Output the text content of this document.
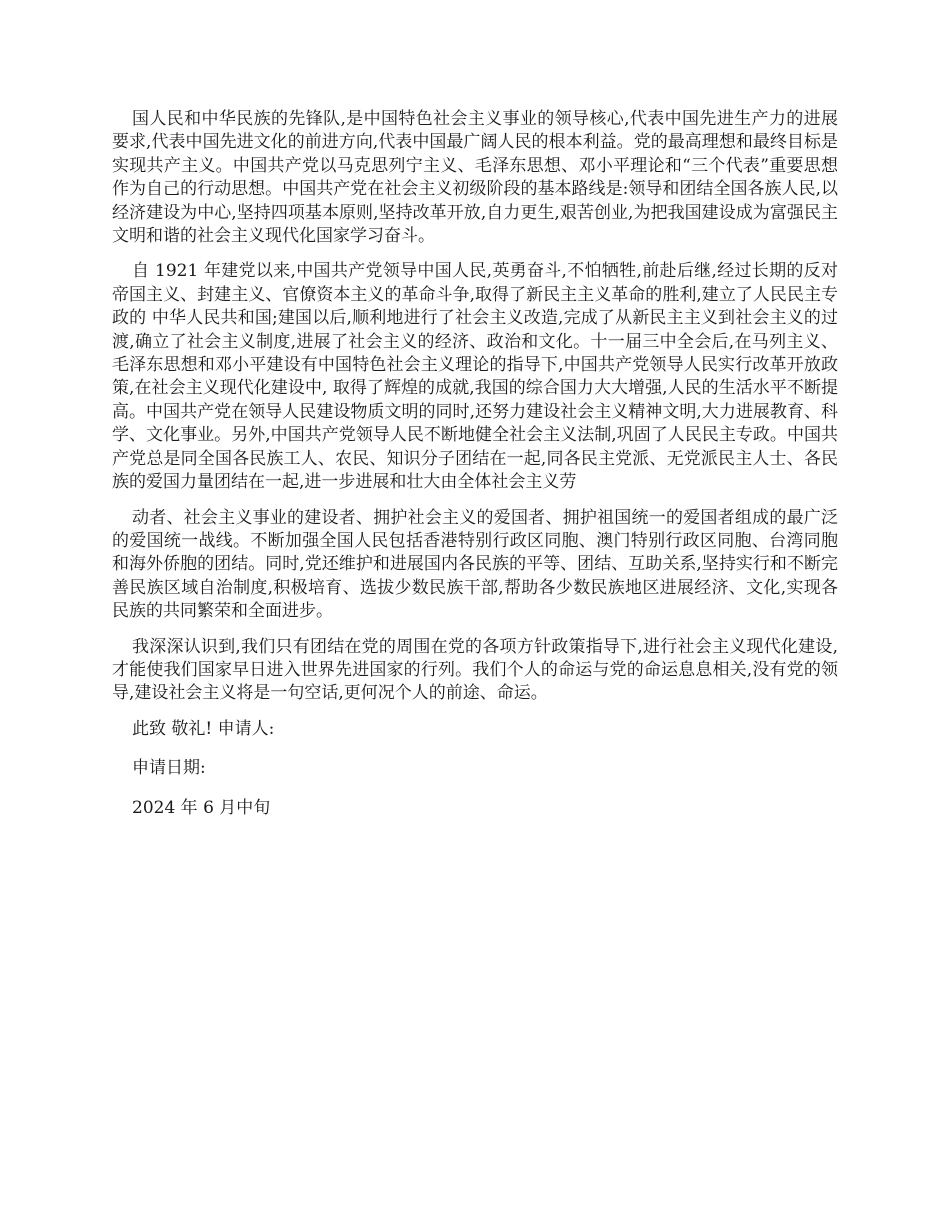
国人民和中华民族的先锋队,是中国特色社会主义事业的领导核心,代表中国先进生产力的进展要求,代表中国先进文化的前进方向,代表中国最广阔人民的根本利益。党的最高理想和最终目标是实现共产主义。中国共产党以马克思列宁主义、毛泽东思想、邓小平理论和“三个代表”重要思想作为自己的行动思想。中国共产党在社会主义初级阶段的基本路线是:领导和团结全国各族人民,以经济建设为中心,坚持四项基本原则,坚持改革开放,自力更生,艰苦创业,为把我国建设成为富强民主文明和谐的社会主义现代化国家学习奋斗。

自 1921 年建党以来,中国共产党领导中国人民,英勇奋斗,不怕牺牲,前赴后继,经过长期的反对帝国主义、封建主义、官僚资本主义的革命斗争,取得了新民主主义革命的胜利,建立了人民民主专政的 中华人民共和国;建国以后,顺利地进行了社会主义改造,完成了从新民主主义到社会主义的过渡,确立了社会主义制度,进展了社会主义的经济、政治和文化。十一届三中全会后,在马列主义、毛泽东思想和邓小平建设有中国特色社会主义理论的指导下,中国共产党领导人民实行改革开放政策,在社会主义现代化建设中, 取得了辉煌的成就,我国的综合国力大大增强,人民的生活水平不断提高。中国共产党在领导人民建设物质文明的同时,还努力建设社会主义精神文明,大力进展教育、科学、文化事业。另外,中国共产党领导人民不断地健全社会主义法制,巩固了人民民主专政。中国共产党总是同全国各民族工人、农民、知识分子团结在一起,同各民主党派、无党派民主人士、各民族的爱国力量团结在一起,进一步进展和壮大由全体社会主义劳

动者、社会主义事业的建设者、拥护社会主义的爱国者、拥护祖国统一的爱国者组成的最广泛的爱国统一战线。不断加强全国人民包括香港特别行政区同胞、澳门特别行政区同胞、台湾同胞和海外侨胞的团结。同时,党还维护和进展国内各民族的平等、团结、互助关系,坚持实行和不断完善民族区域自治制度,积极培育、选拔少数民族干部,帮助各少数民族地区进展经济、文化,实现各民族的共同繁荣和全面进步。

我深深认识到,我们只有团结在党的周围在党的各项方针政策指导下,进行社会主义现代化建设,才能使我们国家早日进入世界先进国家的行列。我们个人的命运与党的命运息息相关,没有党的领导,建设社会主义将是一句空话,更何况个人的前途、命运。

此致 敬礼! 申请人:

申请日期:

2024 年 6 月中旬
